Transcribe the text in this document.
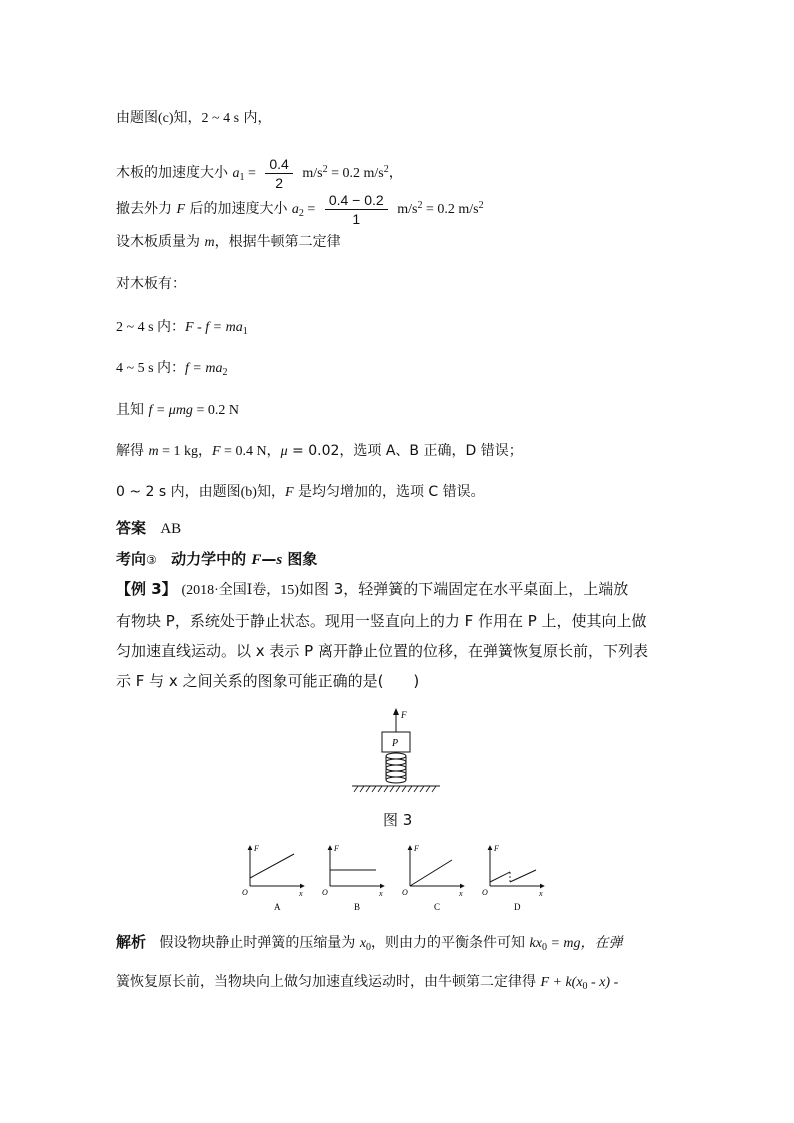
由题图(c)知，2 ~ 4 s 内，
木板的加速度大小 $a_1 = \frac{0.4}{2} m/s^2 = 0.2$ $m/s^2$，
撤去外力 F 后的加速度大小 $a_2 = \frac{0.4 - 0.2}{1} m/s^2 = 0.2$ $m/s^2$
设木板质量为 m，根据牛顿第二定律
对木板有：
2 ~ 4 s 内：$F - f = ma_1$
4 ~ 5 s 内：$f = ma_2$
且知 f = μmg = 0.2 N
解得 m = 1 kg，F = 0.4 N，μ = 0.02，选项 A、B 正确，D 错误；
0 ~ 2 s 内，由题图(b)知，F 是均匀增加的，选项 C 错误。
答案 AB
考向③ 动力学中的 F—s 图象
【例 3】 (2018·全国Ⅰ卷，15)如图 3，轻弹簧的下端固定在水平桌面上，上端放
有物块 P，系统处于静止状态。现用一竖直向上的力 F 作用在 P 上，使其向上做
匀加速直线运动。以 x 表示 P 离开静止位置的位移，在弹簧恢复原长前，下列表
示 F 与 x 之间关系的图象可能正确的是(　　)
F
P
图 3
F
x
O
A
F
x
O
B
F
x
O
C
F
x
O
D
解析 假设物块静止时弹簧的压缩量为 $x_0$，则由力的平衡条件可知 $kx_0$ = mg，在弹
簧恢复原长前，当物块向上做匀加速直线运动时，由牛顿第二定律得 $F + k(x_0 - x)$ -
